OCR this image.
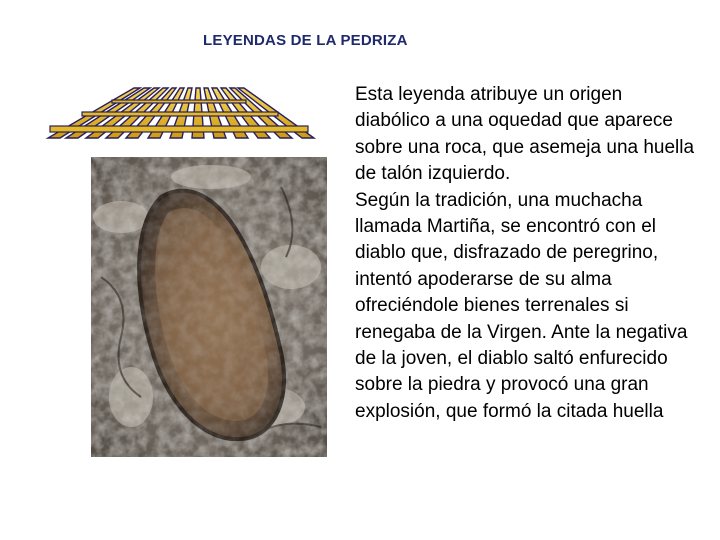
LEYENDAS DE LA PEDRIZA

Esta leyenda atribuye un origen diabólico a una oquedad que aparece sobre una roca, que asemeja una huella de talón izquierdo.

Según la tradición, una muchacha llamada Martiña, se encontró con el diablo que, disfrazado de peregrino, intentó apoderarse de su alma ofreciéndole bienes terrenales si renegaba de la Virgen. Ante la negativa de la joven, el diablo saltó enfurecido sobre la piedra y provocó una gran explosión, que formó la citada huella
